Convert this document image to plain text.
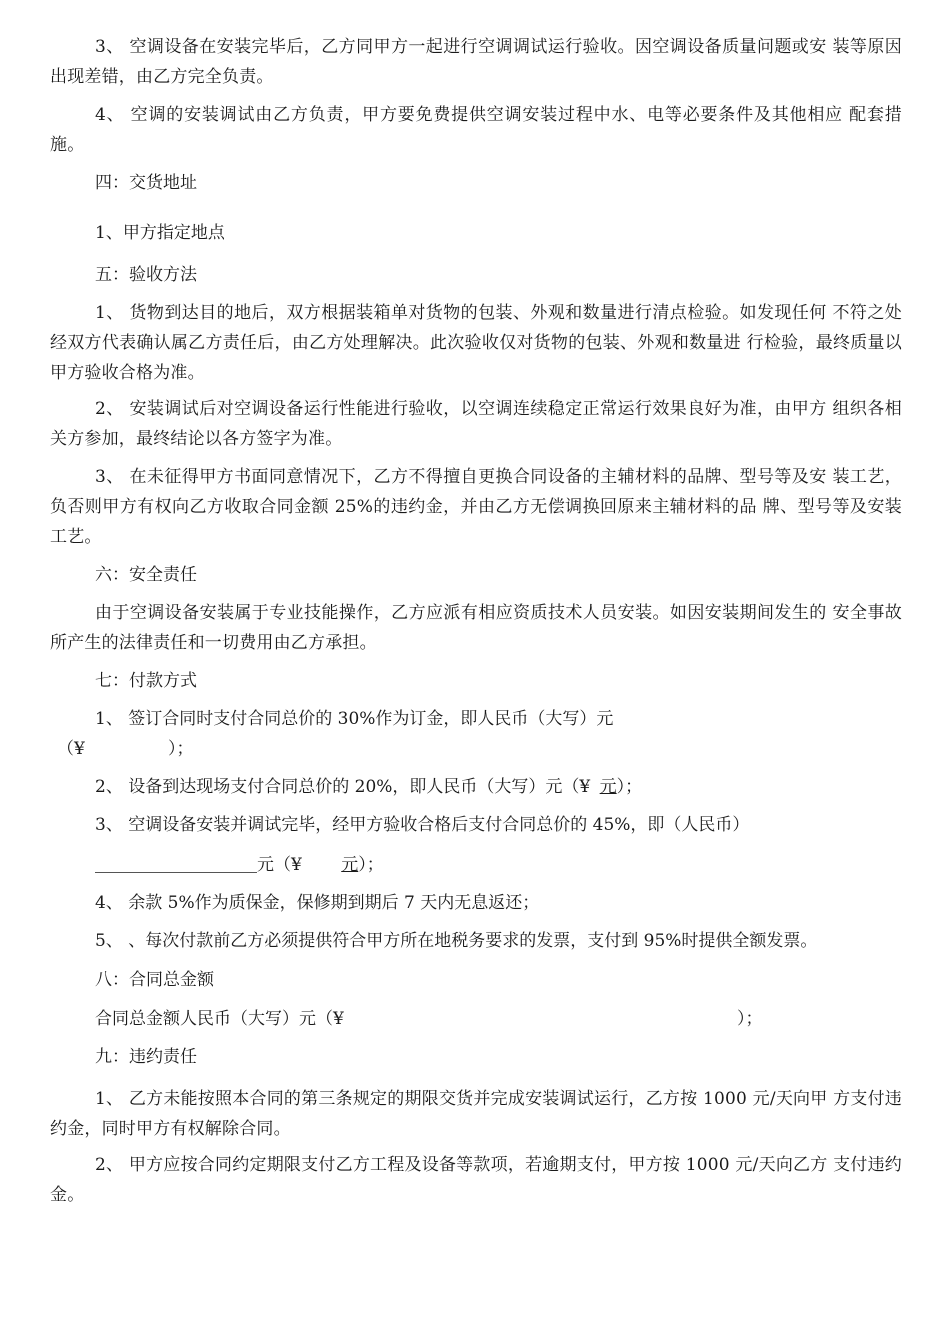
3、 空调设备在安装完毕后，乙方同甲方一起进行空调调试运行验收。因空调设备质量问题或安 装等原因出现差错，由乙方完全负责。
4、 空调的安装调试由乙方负责，甲方要免费提供空调安装过程中水、电等必要条件及其他相应 配套措施。
四：交货地址
1、甲方指定地点
五：验收方法
1、 货物到达目的地后，双方根据装箱单对货物的包装、外观和数量进行清点检验。如发现任何 不符之处经双方代表确认属乙方责任后，由乙方处理解决。此次验收仅对货物的包装、外观和数量进 行检验，最终质量以甲方验收合格为准。
2、 安装调试后对空调设备运行性能进行验收，以空调连续稳定正常运行效果良好为准，由甲方 组织各相关方参加，最终结论以各方签字为准。
3、 在未征得甲方书面同意情况下，乙方不得擅自更换合同设备的主辅材料的品牌、型号等及安 装工艺，负否则甲方有权向乙方收取合同金额 25%的违约金，并由乙方无偿调换回原来主辅材料的品 牌、型号等及安装工艺。
六：安全责任
由于空调设备安装属于专业技能操作，乙方应派有相应资质技术人员安装。如因安装期间发生的 安全事故所产生的法律责任和一切费用由乙方承担。
七：付款方式
1、 签订合同时支付合同总价的 30%作为订金，即人民币（大写）元
（¥	）；
2、 设备到达现场支付合同总价的 20%，即人民币（大写）元（¥ 元）；
3、 空调设备安装并调试完毕，经甲方验收合格后支付合同总价的 45%，即（人民币）
元（¥ 元）；
4、 余款 5%作为质保金，保修期到期后 7 天内无息返还；
5、 、每次付款前乙方必须提供符合甲方所在地税务要求的发票，支付到 95%时提供全额发票。
八：合同总金额
合同总金额人民币（大写）元（¥	）；
九：违约责任
1、 乙方未能按照本合同的第三条规定的期限交货并完成安装调试运行，乙方按 1000 元/天向甲 方支付违约金，同时甲方有权解除合同。
2、 甲方应按合同约定期限支付乙方工程及设备等款项，若逾期支付，甲方按 1000 元/天向乙方 支付违约金。
